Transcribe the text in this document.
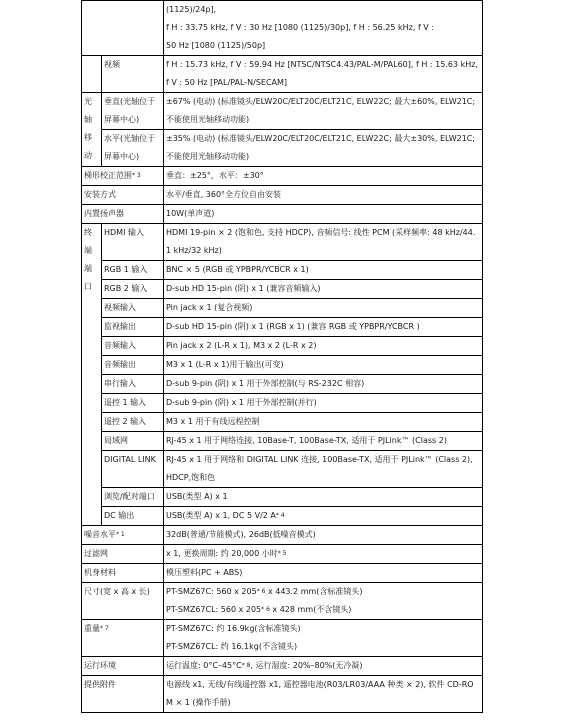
		(1125)/24p],
f H : 33.75 kHz, f V : 30 Hz [1080 (1125)/30p], f H : 56.25 kHz, f V :
50 Hz [1080 (1125)/50p]

	视频	f H : 15.73 kHz, f V : 59.94 Hz [NTSC/NTSC4.43/PAL-M/PAL60], f H : 15.63 kHz, f V : 50 Hz [PAL/PAL-N/SECAM]
光轴移动	垂直(光轴位于屏幕中心)	±67% (电动) (标准镜头/ELW20C/ELT20C/ELT21C, ELW22C; 最大±60%, ELW21C; 不能使用光轴移动功能)
	水平(光轴位于屏幕中心)	±35% (电动) (标准镜头/ELW20C/ELT20C/ELT21C, ELW22C; 最大±30%, ELW21C; 不能使用光轴移动功能)
梯形校正范围$^{* 3}$		垂直：±25°，水平：±30°
安装方式		水平/垂直, 360°全方位自由安装
内置扬声器		10W(单声道)
终端端口	HDMI 输入	HDMI 19-pin × 2 (饱和色, 支持 HDCP), 音频信号: 线性 PCM (采样频率: 48 kHz/44.1 kHz/32 kHz)
	RGB 1 输入	BNC × 5 (RGB 或 YPBPR/YCBCR x 1)
	RGB 2 输入	D-sub HD 15-pin (阴) x 1 (兼容音频输入)
	视频输入	Pin jack x 1 (复合视频)
	监视输出	D-sub HD 15-pin (阴) x 1 (RGB x 1) (兼容 RGB 或 YPBPR/YCBCR )
	音频输入	Pin jack x 2 (L-R x 1), M3 x 2 (L-R x 2)
	音频输出	M3 x 1 (L-R x 1)用于输出(可变)
	串行输入	D-sub 9-pin (阴) x 1 用于外部控制(与 RS-232C 相容)
	遥控 1 输入	D-sub 9-pin (阴) x 1 用于外部控制(并行)
	遥控 2 输入	M3 x 1 用于有线远程控制
	局域网	RJ-45 x 1 用于网络连接, 10Base-T, 100Base-TX, 适用于 PJLink™ (Class 2)
	DIGITAL LINK	RJ-45 x 1 用于网络和 DIGITAL LINK 连接, 100Base-TX, 适用于 PJLink™ (Class 2), HDCP,饱和色
	浏览/配对端口	USB(类型 A) x 1
	DC 输出	USB(类型 A) x 1, DC 5 V/2 $A^{* 4}$
噪音水平$^{* 1}$		32dB(普通/节能模式), 26dB(低噪音模式)
过滤网		x 1, 更换周期: 约 20,000 小时$^{* 5}$
机身材料		模压塑料(PC + ABS)
尺寸(宽 x 高 x 长)		PT-SMZ67C: 560 x 205$^{* 6}$ x 443.2 mm(含标准镜头)
PT-SMZ67CL: 560 x 205$^{* 6}$ x 428 mm(不含镜头)

重量$^{* 7}$		PT-SMZ67C: 约 16.9kg(含标准镜头)
PT-SMZ67CL: 约 16.1kg(不含镜头)

运行环境		运行温度: $0^\circ C-45^\circ C^{* 8}$, 运行湿度: 20%–80%(无冷凝)
提供附件		电源线 x1, 无线/有线遥控器 x1, 遥控器电池(R03/LR03/AAA 种类 × 2), 软件 CD-ROM × 1 (操作手册)
